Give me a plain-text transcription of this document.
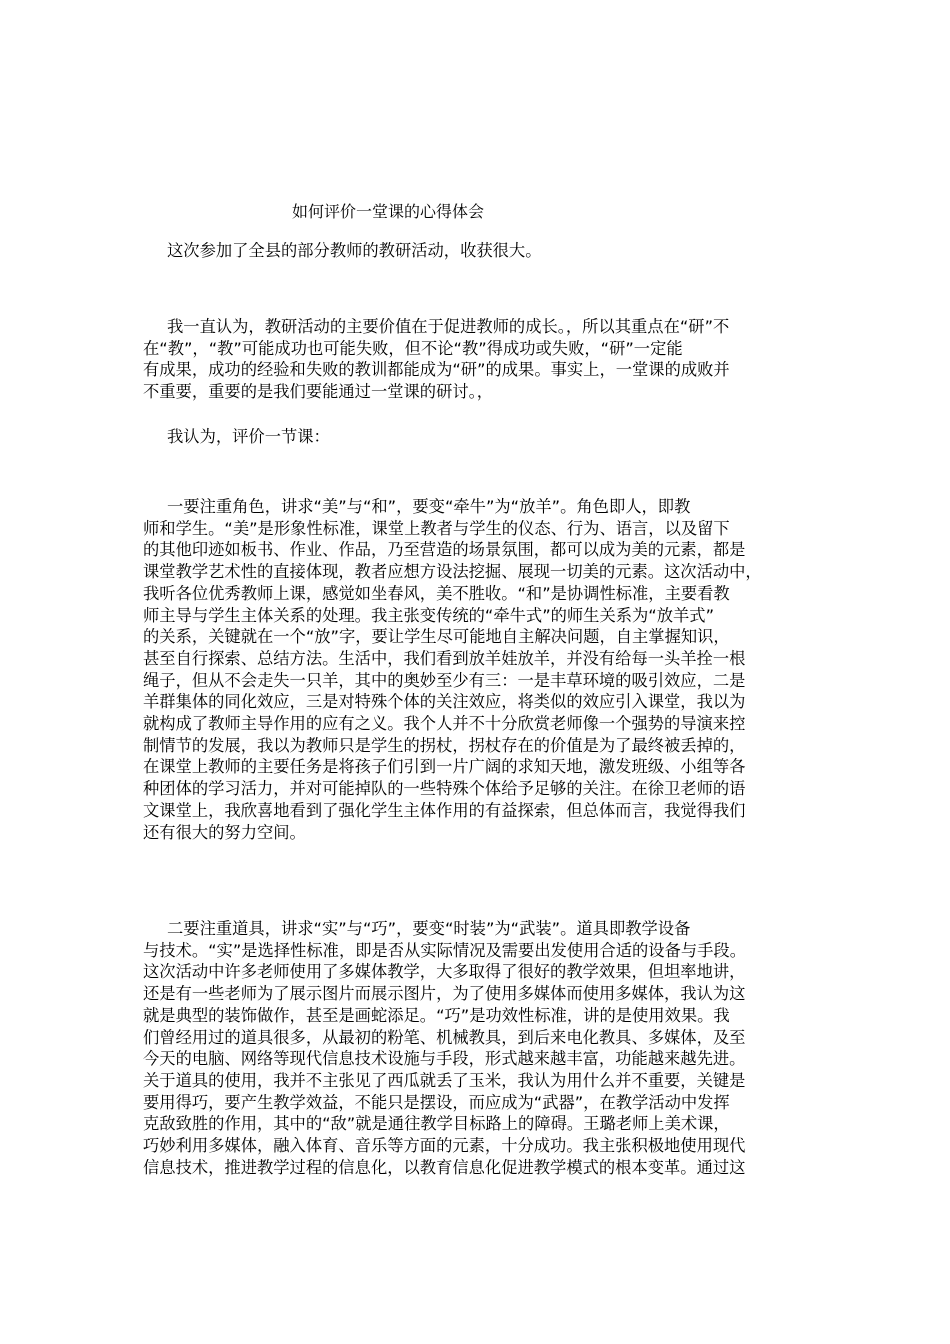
如何评价一堂课的心得体会

这次参加了全县的部分教师的教研活动，收获很大。

我一直认为，教研活动的主要价值在于促进教师的成长。，所以其重点在“研”不
在“教”，“教”可能成功也可能失败，但不论“教”得成功或失败，“研”一定能
有成果，成功的经验和失败的教训都能成为“研”的成果。事实上，一堂课的成败并
不重要，重要的是我们要能通过一堂课的研讨。，

我认为，评价一节课：

一要注重角色，讲求“美”与“和”，要变“牵牛”为“放羊”。角色即人，即教
师和学生。“美”是形象性标准，课堂上教者与学生的仪态、行为、语言，以及留下
的其他印迹如板书、作业、作品，乃至营造的场景氛围，都可以成为美的元素，都是
课堂教学艺术性的直接体现，教者应想方设法挖掘、展现一切美的元素。这次活动中，
我听各位优秀教师上课，感觉如坐春风，美不胜收。“和”是协调性标准，主要看教
师主导与学生主体关系的处理。我主张变传统的“牵牛式”的师生关系为“放羊式”
的关系，关键就在一个“放”字，要让学生尽可能地自主解决问题，自主掌握知识，
甚至自行探索、总结方法。生活中，我们看到放羊娃放羊，并没有给每一头羊拴一根
绳子，但从不会走失一只羊，其中的奥妙至少有三：一是丰草环境的吸引效应，二是
羊群集体的同化效应，三是对特殊个体的关注效应，将类似的效应引入课堂，我以为
就构成了教师主导作用的应有之义。我个人并不十分欣赏老师像一个强势的导演来控
制情节的发展，我以为教师只是学生的拐杖，拐杖存在的价值是为了最终被丢掉的，
在课堂上教师的主要任务是将孩子们引到一片广阔的求知天地，激发班级、小组等各
种团体的学习活力，并对可能掉队的一些特殊个体给予足够的关注。在徐卫老师的语
文课堂上，我欣喜地看到了强化学生主体作用的有益探索，但总体而言，我觉得我们
还有很大的努力空间。

二要注重道具，讲求“实”与“巧”，要变“时装”为“武装”。道具即教学设备
与技术。“实”是选择性标准，即是否从实际情况及需要出发使用合适的设备与手段。
这次活动中许多老师使用了多媒体教学，大多取得了很好的教学效果，但坦率地讲，
还是有一些老师为了展示图片而展示图片，为了使用多媒体而使用多媒体，我认为这
就是典型的装饰做作，甚至是画蛇添足。“巧”是功效性标准，讲的是使用效果。我
们曾经用过的道具很多，从最初的粉笔、机械教具，到后来电化教具、多媒体，及至
今天的电脑、网络等现代信息技术设施与手段，形式越来越丰富，功能越来越先进。
关于道具的使用，我并不主张见了西瓜就丢了玉米，我认为用什么并不重要，关键是
要用得巧，要产生教学效益，不能只是摆设，而应成为“武器”，在教学活动中发挥
克敌致胜的作用，其中的“敌”就是通往教学目标路上的障碍。王璐老师上美术课，
巧妙利用多媒体，融入体育、音乐等方面的元素，十分成功。我主张积极地使用现代
信息技术，推进教学过程的信息化，以教育信息化促进教学模式的根本变革。通过这
